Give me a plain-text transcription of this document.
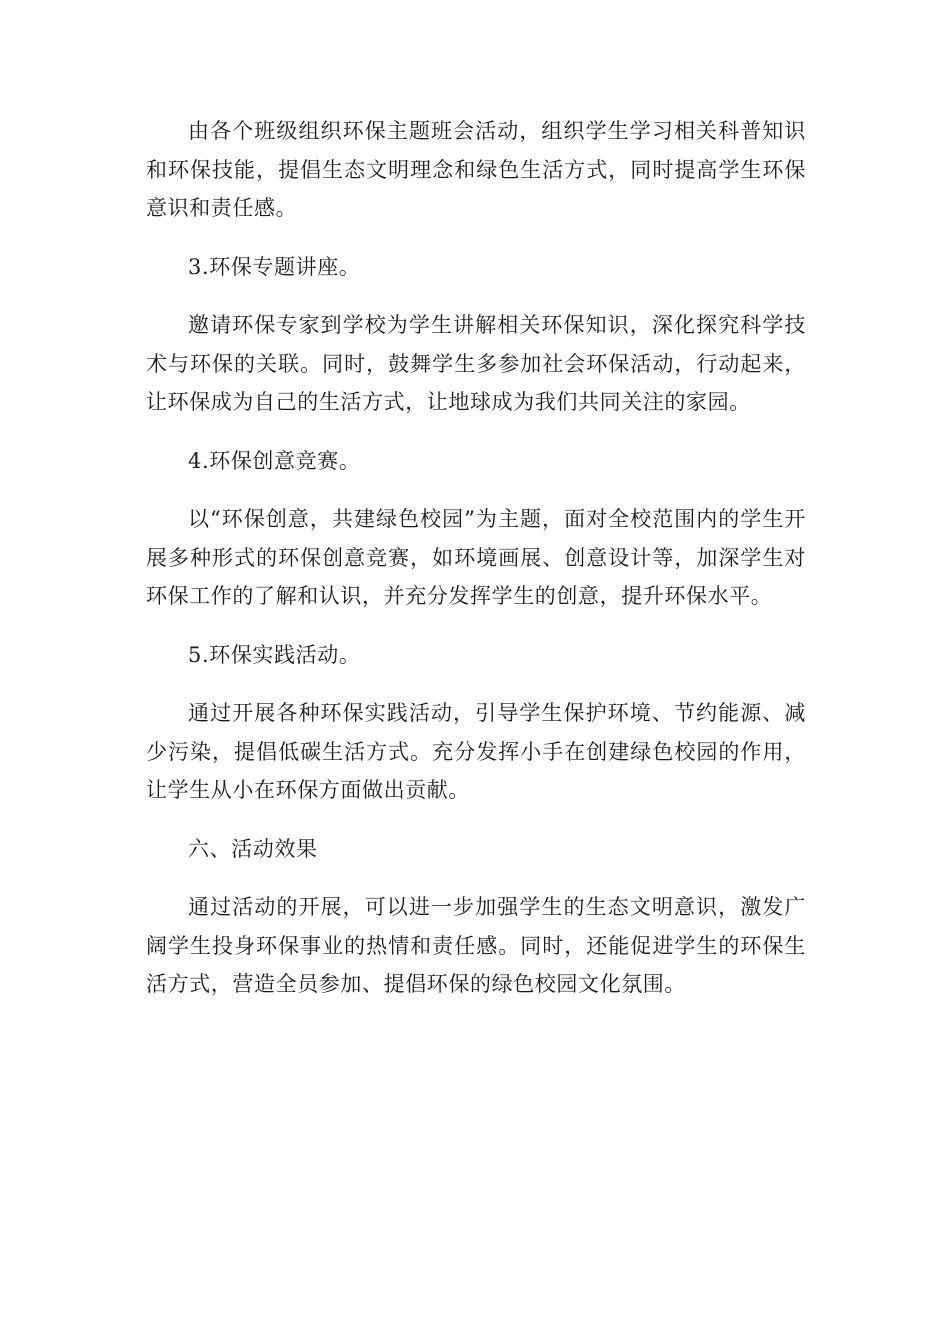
由各个班级组织环保主题班会活动，组织学生学习相关科普知识和环保技能，提倡生态文明理念和绿色生活方式，同时提高学生环保意识和责任感。

3.环保专题讲座。

邀请环保专家到学校为学生讲解相关环保知识，深化探究科学技术与环保的关联。同时，鼓舞学生多参加社会环保活动，行动起来，让环保成为自己的生活方式，让地球成为我们共同关注的家园。

4.环保创意竞赛。

以“环保创意，共建绿色校园”为主题，面对全校范围内的学生开展多种形式的环保创意竞赛，如环境画展、创意设计等，加深学生对环保工作的了解和认识，并充分发挥学生的创意，提升环保水平。

5.环保实践活动。

通过开展各种环保实践活动，引导学生保护环境、节约能源、减少污染，提倡低碳生活方式。充分发挥小手在创建绿色校园的作用，让学生从小在环保方面做出贡献。

六、活动效果

通过活动的开展，可以进一步加强学生的生态文明意识，激发广阔学生投身环保事业的热情和责任感。同时，还能促进学生的环保生活方式，营造全员参加、提倡环保的绿色校园文化氛围。
